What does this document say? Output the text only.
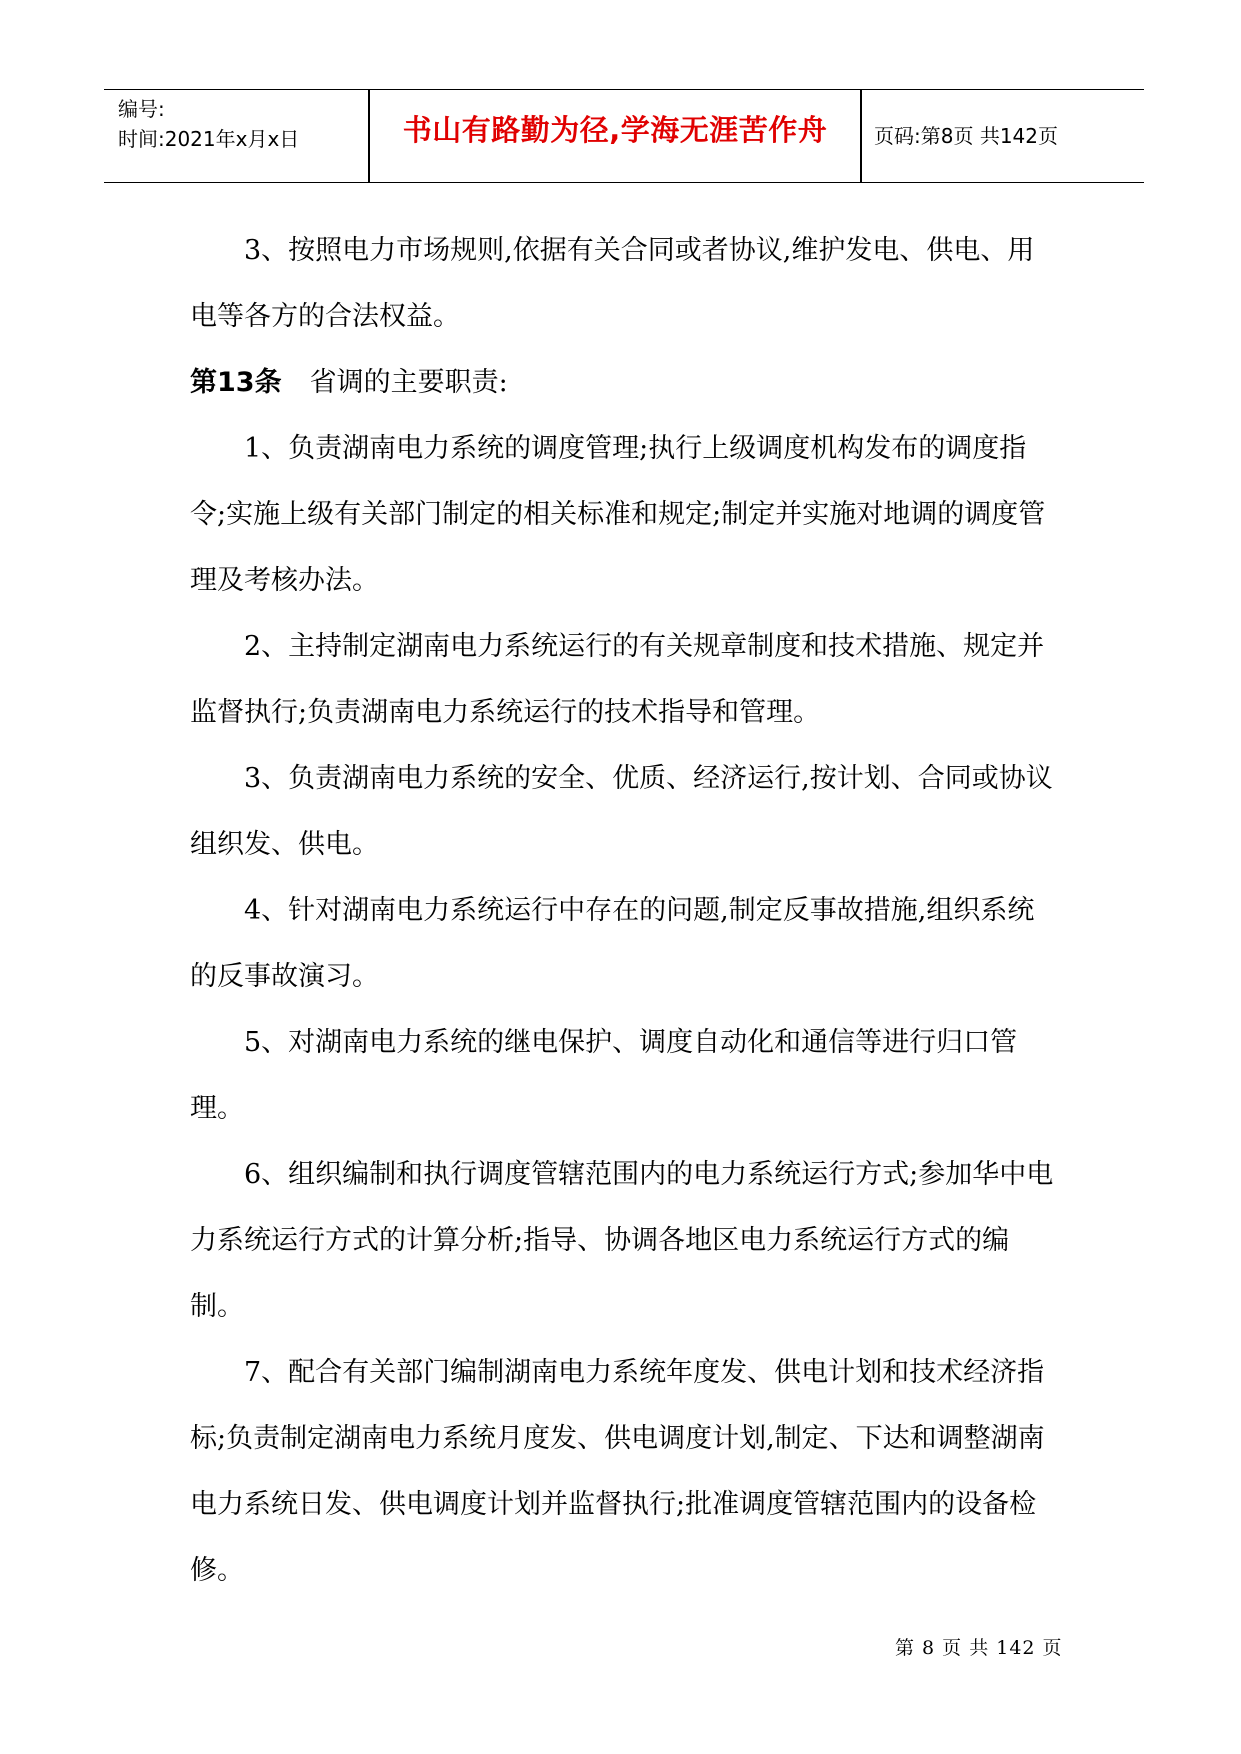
编号:
时间:2021年x月x日	书山有路勤为径,学海无涯苦作舟	页码:第8页 共142页

3、按照电力市场规则,依据有关合同或者协议,维护发电、供电、用电等各方的合法权益。

第13条 省调的主要职责:

1、负责湖南电力系统的调度管理;执行上级调度机构发布的调度指令;实施上级有关部门制定的相关标准和规定;制定并实施对地调的调度管理及考核办法。

2、主持制定湖南电力系统运行的有关规章制度和技术措施、规定并监督执行;负责湖南电力系统运行的技术指导和管理。

3、负责湖南电力系统的安全、优质、经济运行,按计划、合同或协议组织发、供电。

4、针对湖南电力系统运行中存在的问题,制定反事故措施,组织系统的反事故演习。

5、对湖南电力系统的继电保护、调度自动化和通信等进行归口管理。

6、组织编制和执行调度管辖范围内的电力系统运行方式;参加华中电力系统运行方式的计算分析;指导、协调各地区电力系统运行方式的编制。

7、配合有关部门编制湖南电力系统年度发、供电计划和技术经济指标;负责制定湖南电力系统月度发、供电调度计划,制定、下达和调整湖南电力系统日发、供电调度计划并监督执行;批准调度管辖范围内的设备检修。

第 8 页 共 142 页
